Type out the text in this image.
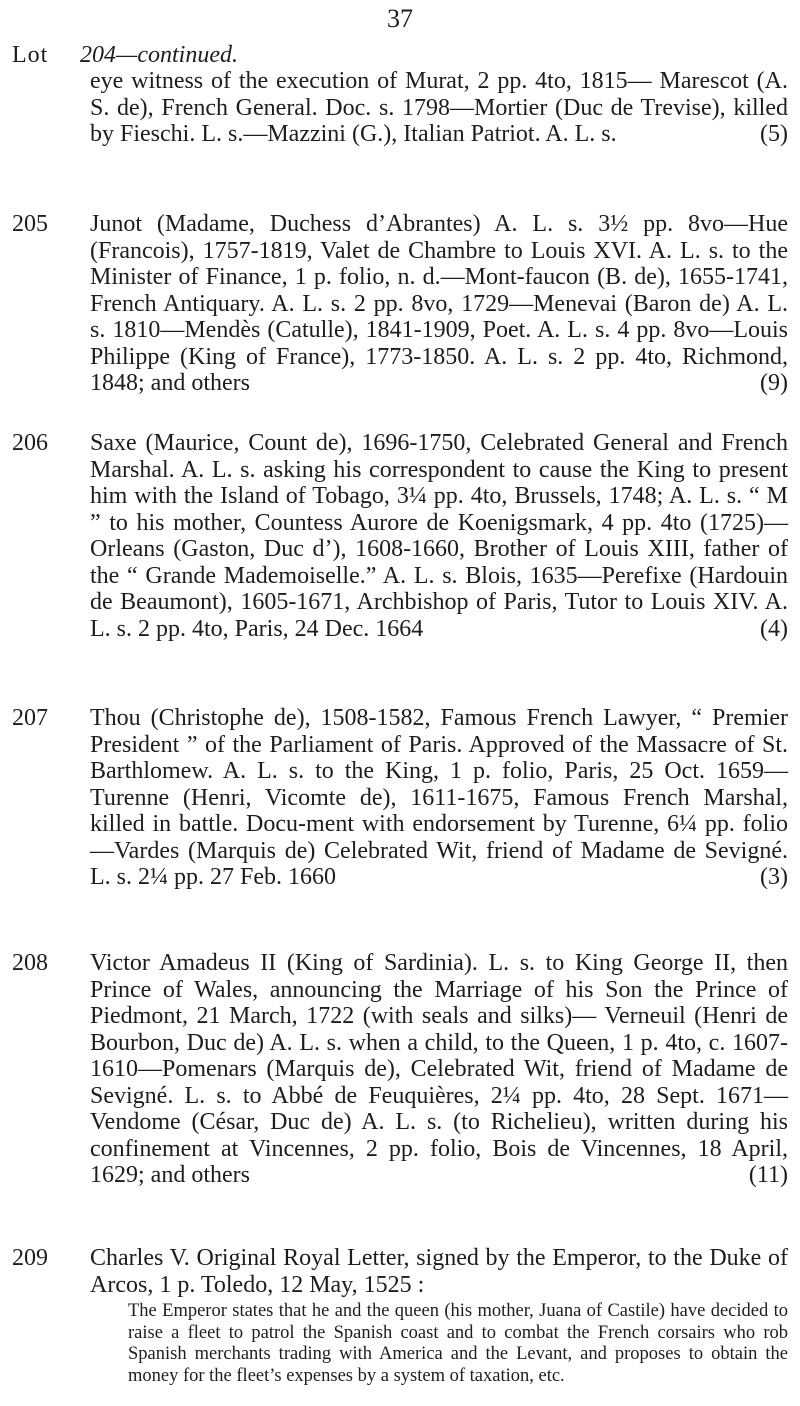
37
Lot 204—continued.
eye witness of the execution of Murat, 2 pp. 4to, 1815— Marescot (A. S. de), French General. Doc. s. 1798—Mortier (Duc de Trevise), killed by Fieschi. L. s.—Mazzini (G.), Italian Patriot. A. L. s.	(5)
205	Junot (Madame, Duchess d’Abrantes) A. L. s. 3½ pp. 8vo—Hue (Francois), 1757-1819, Valet de Chambre to Louis XVI. A. L. s. to the Minister of Finance, 1 p. folio, n. d.—Mont-faucon (B. de), 1655-1741, French Antiquary. A. L. s. 2 pp. 8vo, 1729—Menevai (Baron de) A. L. s. 1810—Mendès (Catulle), 1841-1909, Poet. A. L. s. 4 pp. 8vo—Louis Philippe (King of France), 1773-1850. A. L. s. 2 pp. 4to, Richmond, 1848; and others	(9)
206	Saxe (Maurice, Count de), 1696-1750, Celebrated General and French Marshal. A. L. s. asking his correspondent to cause the King to present him with the Island of Tobago, 3¼ pp. 4to, Brussels, 1748; A. L. s. “ M ” to his mother, Countess Aurore de Koenigsmark, 4 pp. 4to (1725)—Orleans (Gaston, Duc d’), 1608-1660, Brother of Louis XIII, father of the “ Grande Mademoiselle.” A. L. s. Blois, 1635—Perefixe (Hardouin de Beaumont), 1605-1671, Archbishop of Paris, Tutor to Louis XIV. A. L. s. 2 pp. 4to, Paris, 24 Dec. 1664	(4)
207	Thou (Christophe de), 1508-1582, Famous French Lawyer, “ Premier President ” of the Parliament of Paris. Approved of the Massacre of St. Barthlomew. A. L. s. to the King, 1 p. folio, Paris, 25 Oct. 1659—Turenne (Henri, Vicomte de), 1611-1675, Famous French Marshal, killed in battle. Docu-ment with endorsement by Turenne, 6¼ pp. folio—Vardes (Marquis de) Celebrated Wit, friend of Madame de Sevigné. L. s. 2¼ pp. 27 Feb. 1660	(3)
208	Victor Amadeus II (King of Sardinia). L. s. to King George II, then Prince of Wales, announcing the Marriage of his Son the Prince of Piedmont, 21 March, 1722 (with seals and silks)— Verneuil (Henri de Bourbon, Duc de) A. L. s. when a child, to the Queen, 1 p. 4to, c. 1607-1610—Pomenars (Marquis de), Celebrated Wit, friend of Madame de Sevigné. L. s. to Abbé de Feuquières, 2¼ pp. 4to, 28 Sept. 1671—Vendome (César, Duc de) A. L. s. (to Richelieu), written during his confinement at Vincennes, 2 pp. folio, Bois de Vincennes, 18 April, 1629; and others	(11)
209	Charles V. Original Royal Letter, signed by the Emperor, to the Duke of Arcos, 1 p. Toledo, 12 May, 1525 :
The Emperor states that he and the queen (his mother, Juana of Castile) have decided to raise a fleet to patrol the Spanish coast and to combat the French corsairs who rob Spanish merchants trading with America and the Levant, and proposes to obtain the money for the fleet’s expenses by a system of taxation, etc.
